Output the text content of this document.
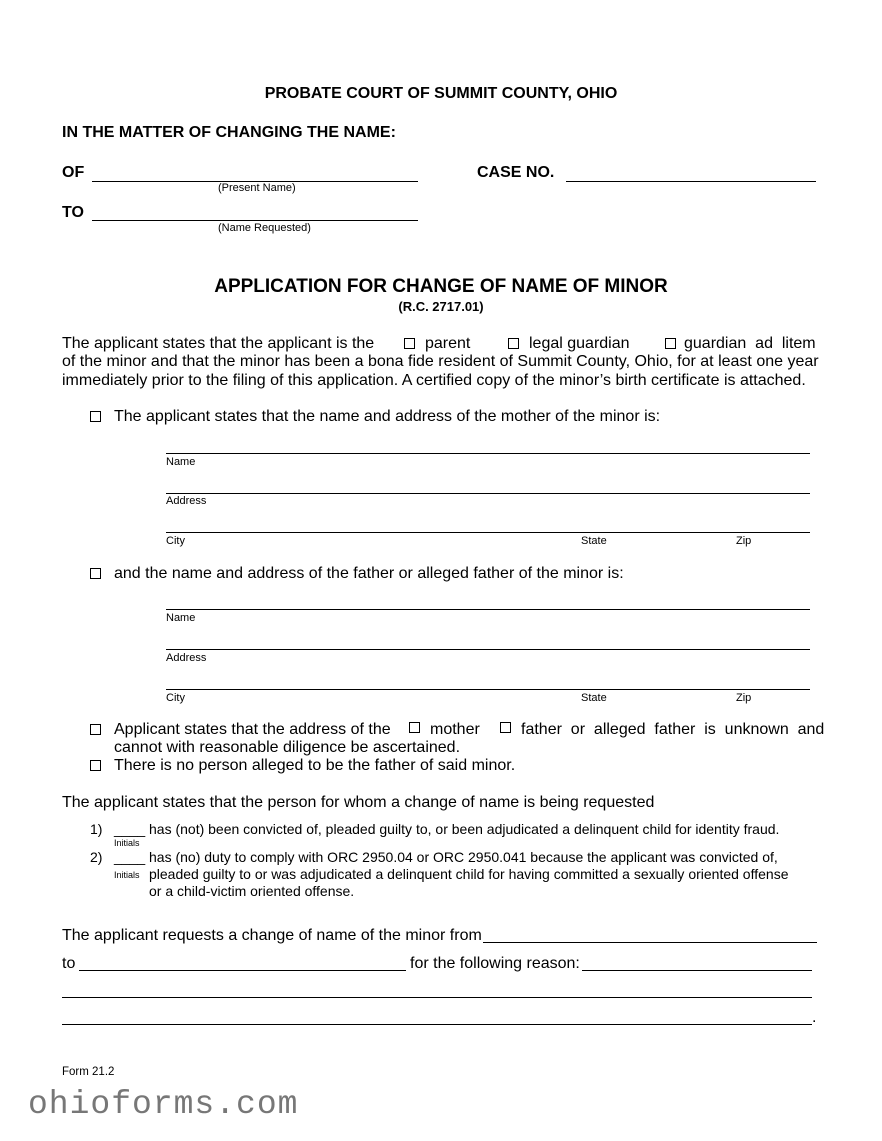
PROBATE COURT OF SUMMIT COUNTY, OHIO
IN THE MATTER OF CHANGING THE NAME:
OF
(Present Name)
CASE NO.
TO
(Name Requested)
APPLICATION FOR CHANGE OF NAME OF MINOR
(R.C. 2717.01)
The applicant states that the applicant is the	parent	legal guardian	guardian  ad  litem
of the minor and that the minor has been a bona fide resident of Summit County, Ohio, for at least one year
immediately prior to the filing of this application. A certified copy of the minor’s birth certificate is attached.
The applicant states that the name and address of the mother of the minor is:
Name
Address
City	State	Zip
and the name and address of the father or alleged father of the minor is:
Name
Address
City	State	Zip
Applicant states that the address of the mother	father  or  alleged  father  is  unknown  and
cannot with reasonable diligence be ascertained.
There is no person alleged to be the father of said minor.
The applicant states that the person for whom a change of name is being requested
1) ____
Initials
has (not) been convicted of, pleaded guilty to, or been adjudicated a delinquent child for identity fraud.
2) ____ has (no) duty to comply with ORC 2950.04 or ORC 2950.041 because the applicant was convicted of,
Initials pleaded guilty to or was adjudicated a delinquent child for having committed a sexually oriented offense
or a child-victim oriented offense.
The applicant requests a change of name of the minor from
to	for the following reason:
.
Form 21.2
ohioforms.com
